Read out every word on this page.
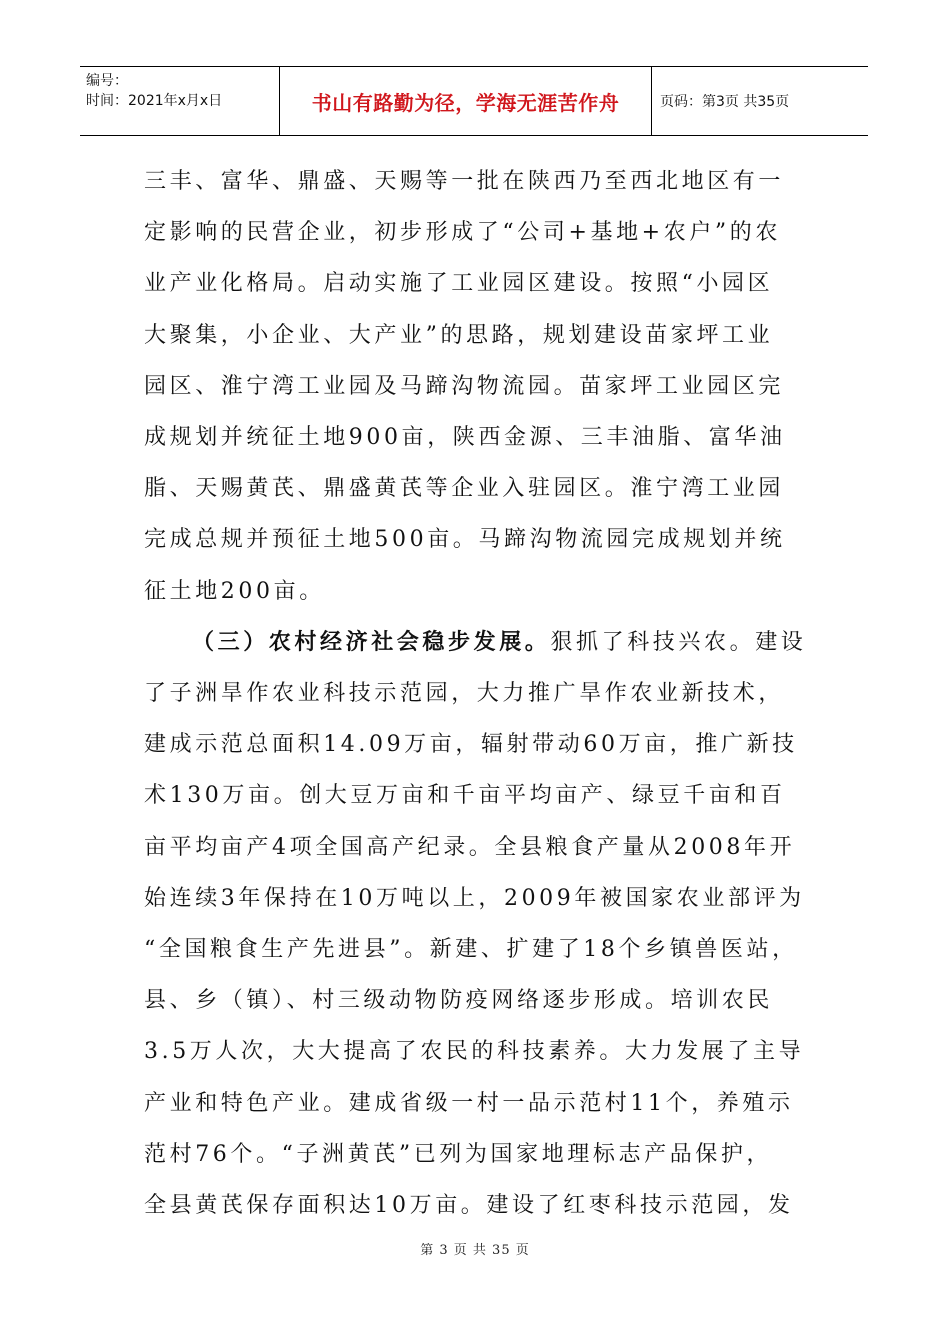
编号：
时间：2021年x月x日	书山有路勤为径，学海无涯苦作舟	页码：第3页 共35页
三丰、富华、鼎盛、天赐等一批在陕西乃至西北地区有一
定影响的民营企业，初步形成了“公司+基地+农户”的农
业产业化格局。启动实施了工业园区建设。按照“小园区
大聚集，小企业、大产业”的思路，规划建设苗家坪工业
园区、淮宁湾工业园及马蹄沟物流园。苗家坪工业园区完
成规划并统征土地900亩，陕西金源、三丰油脂、富华油
脂、天赐黄芪、鼎盛黄芪等企业入驻园区。淮宁湾工业园
完成总规并预征土地500亩。马蹄沟物流园完成规划并统
征土地200亩。
（三）农村经济社会稳步发展。狠抓了科技兴农。建设
了子洲旱作农业科技示范园，大力推广旱作农业新技术，
建成示范总面积14.09万亩，辐射带动60万亩，推广新技
术130万亩。创大豆万亩和千亩平均亩产、绿豆千亩和百
亩平均亩产4项全国高产纪录。全县粮食产量从2008年开
始连续3年保持在10万吨以上，2009年被国家农业部评为
“全国粮食生产先进县”。新建、扩建了18个乡镇兽医站，
县、乡（镇）、村三级动物防疫网络逐步形成。培训农民
3.5万人次，大大提高了农民的科技素养。大力发展了主导
产业和特色产业。建成省级一村一品示范村11个，养殖示
范村76个。“子洲黄芪”已列为国家地理标志产品保护，
全县黄芪保存面积达10万亩。建设了红枣科技示范园，发
第 3 页 共 35 页
